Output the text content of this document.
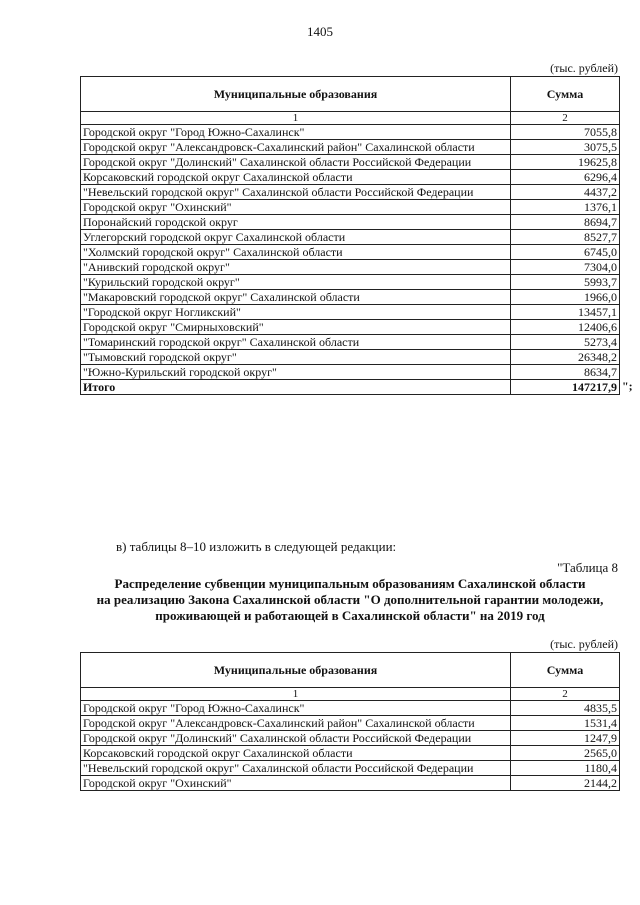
1405
(тыс. рублей)
Муниципальные образования	Сумма
1	2
Городской округ "Город Южно-Сахалинск"	7055,8
Городской округ "Александровск-Сахалинский район" Сахалинской области	3075,5
Городской округ "Долинский" Сахалинской области Российской Федерации	19625,8
Корсаковский городской округ Сахалинской области	6296,4
"Невельский городской округ" Сахалинской области Российской Федерации	4437,2
Городской округ "Охинский"	1376,1
Поронайский городской округ	8694,7
Углегорский городской округ Сахалинской области	8527,7
"Холмский городской округ" Сахалинской области	6745,0
"Анивский городской округ"	7304,0
"Курильский городской округ"	5993,7
"Макаровский городской округ" Сахалинской области	1966,0
"Городской округ Ногликский"	13457,1
Городской округ "Смирныховский"	12406,6
"Томаринский городской округ" Сахалинской области	5273,4
"Тымовский городской округ"	26348,2
"Южно-Курильский городской округ"	8634,7
Итого	147217,9 ";
в) таблицы 8–10 изложить в следующей редакции:
"Таблица 8
Распределение субвенции муниципальным образованиям Сахалинской области
на реализацию Закона Сахалинской области "О дополнительной гарантии молодежи,
проживающей и работающей в Сахалинской области" на 2019 год
(тыс. рублей)
Муниципальные образования	Сумма
1	2
Городской округ "Город Южно-Сахалинск"	4835,5
Городской округ "Александровск-Сахалинский район" Сахалинской области	1531,4
Городской округ "Долинский" Сахалинской области Российской Федерации	1247,9
Корсаковский городской округ Сахалинской области	2565,0
"Невельский городской округ" Сахалинской области Российской Федерации	1180,4
Городской округ "Охинский"	2144,2
